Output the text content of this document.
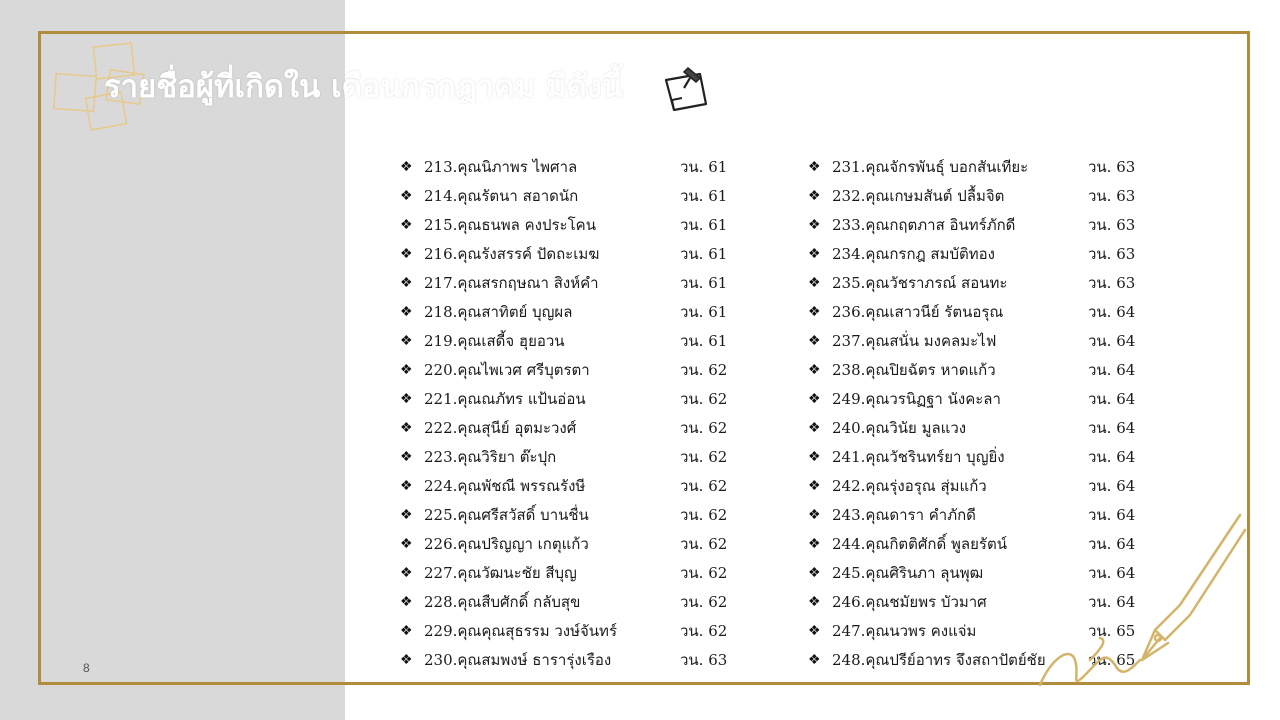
รายชื่อผู้ที่เกิดใน เดือนกรกฎาคม มีดังนี้
❖ 213.คุณนิภาพร ไพศาล	วน. 61
❖ 214.คุณรัตนา สอาดนัก	วน. 61
❖ 215.คุณธนพล คงประโคน	วน. 61
❖ 216.คุณรังสรรค์ ปัดถะเมฆ	วน. 61
❖ 217.คุณสรกฤษณา สิงห์คำ	วน. 61
❖ 218.คุณสาทิตย์ บุญผล	วน. 61
❖ 219.คุณเสดี้จ ฮุยอวน	วน. 61
❖ 220.คุณไพเวศ ศรีบุตรตา	วน. 62
❖ 221.คุณณภัทร แป้นอ่อน	วน. 62
❖ 222.คุณสุนีย์ อุตมะวงศ์	วน. 62
❖ 223.คุณวิริยา ต๊ะปุก	วน. 62
❖ 224.คุณพัชณี พรรณรังษี	วน. 62
❖ 225.คุณศรีสวัสดิ์ บานชื่น	วน. 62
❖ 226.คุณปริญญา เกตุแก้ว	วน. 62
❖ 227.คุณวัฒนะชัย สีบุญ	วน. 62
❖ 228.คุณสืบศักดิ์ กลับสุข	วน. 62
❖ 229.คุณคุณสุธรรม วงษ์จันทร์	วน. 62
❖ 230.คุณสมพงษ์ ธารารุ่งเรือง	วน. 63
❖ 231.คุณจักรพันธุ์ บอกสันเทียะ	วน. 63
❖ 232.คุณเกษมสันต์ ปลื้มจิต	วน. 63
❖ 233.คุณกฤตภาส อินทร์ภักดี	วน. 63
❖ 234.คุณกรกฎ สมบัติทอง	วน. 63
❖ 235.คุณวัชราภรณ์ สอนทะ	วน. 63
❖ 236.คุณเสาวนีย์ รัตนอรุณ	วน. 64
❖ 237.คุณสนั่น มงคลมะไฟ	วน. 64
❖ 238.คุณปิยฉัตร หาดแก้ว	วน. 64
❖ 249.คุณวรนิฏฐา นังคะลา	วน. 64
❖ 240.คุณวินัย มูลแวง	วน. 64
❖ 241.คุณวัชรินทร์ยา บุญยิ่ง	วน. 64
❖ 242.คุณรุ่งอรุณ สุ่มแก้ว	วน. 64
❖ 243.คุณดารา คำภักดี	วน. 64
❖ 244.คุณกิตติศักดิ์ พูลยรัตน์	วน. 64
❖ 245.คุณศิรินภา ลุนพุฒ	วน. 64
❖ 246.คุณชมัยพร บัวมาศ	วน. 64
❖ 247.คุณนวพร คงแจ่ม	วน. 65
❖ 248.คุณปรีย์อาทร จึงสถาปัตย์ชัย	วน. 65
8
